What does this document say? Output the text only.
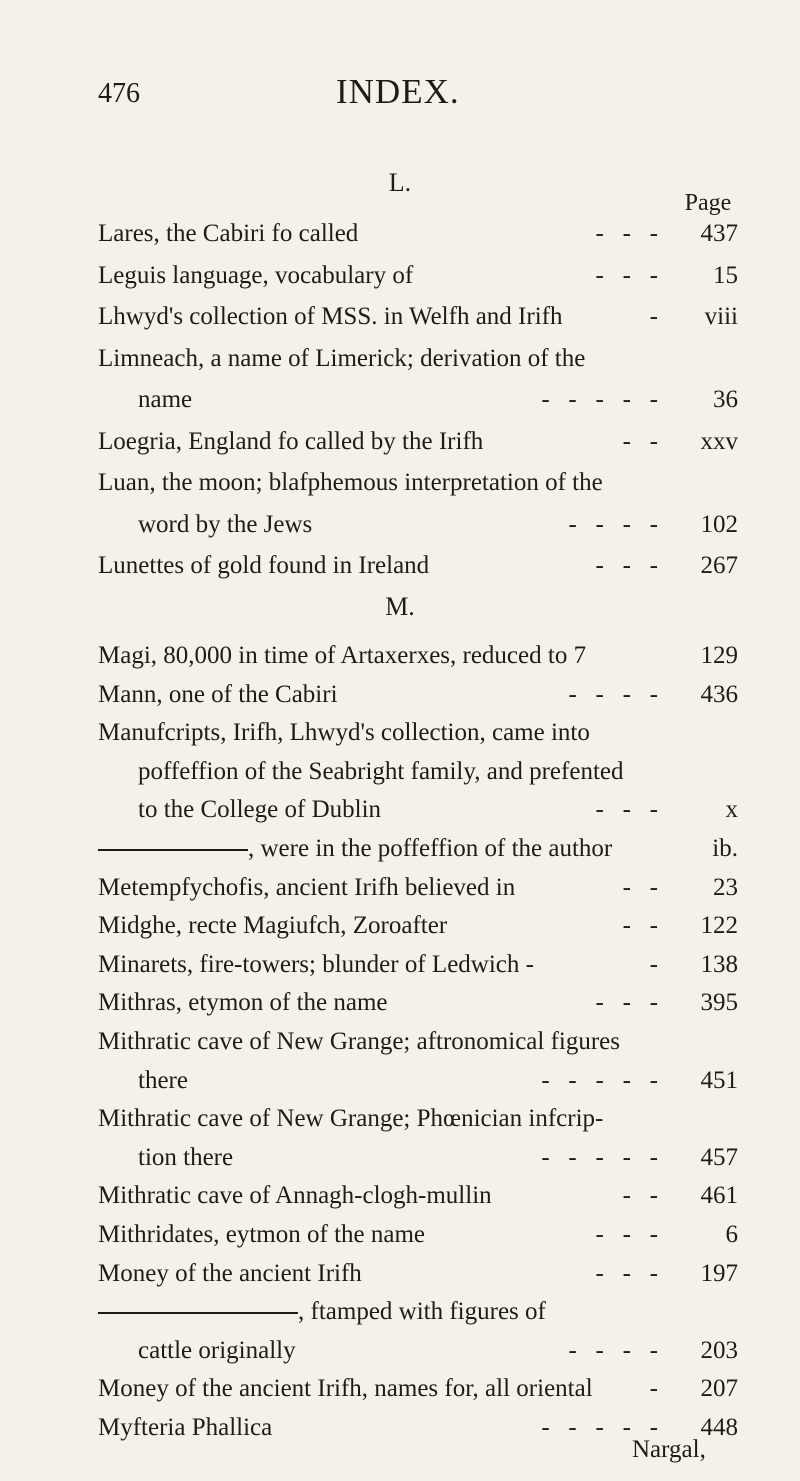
476	INDEX.
L.
Page
Lares, the Cabiri fo called	-   -   -	437
Leguis language, vocabulary of	-   -   -	15
Lhwyd's collection of MSS. in Welfh and Irifh	-	viii
Limneach, a name of Limerick; derivation of the
name	-   -   -   -   -	36
Loegria, England fo called by the Irifh	-   -	xxv
Luan, the moon; blafphemous interpretation of the
word by the Jews	-   -   -   -	102
Lunettes of gold found in Ireland	-   -   -	267
M.
Magi, 80,000 in time of Artaxerxes, reduced to 7	129
Mann, one of the Cabiri	-   -   -   -	436
Manufcripts, Irifh, Lhwyd's collection, came into
poffeffion of the Seabright family, and prefented
to the College of Dublin	-   -   -	x
, were in the poffeffion of the author	ib.
Metempfychofis, ancient Irifh believed in	-   -	23
Midghe, recte Magiufch, Zoroafter	-   -	122
Minarets, fire-towers; blunder of Ledwich -	-	138
Mithras, etymon of the name	-   -   -	395
Mithratic cave of New Grange; aftronomical figures
there	-   -   -   -   -	451
Mithratic cave of New Grange; Phœnician infcrip-
tion there	-   -   -   -   -	457
Mithratic cave of Annagh-clogh-mullin	-   -	461
Mithridates, eytmon of the name	-   -   -	6
Money of the ancient Irifh	-   -   -	197
, ftamped with figures of
cattle originally	-   -   -   -	203
Money of the ancient Irifh, names for, all oriental	-	207
Myfteria Phallica	-   -   -   -   -	448
Nargal,
